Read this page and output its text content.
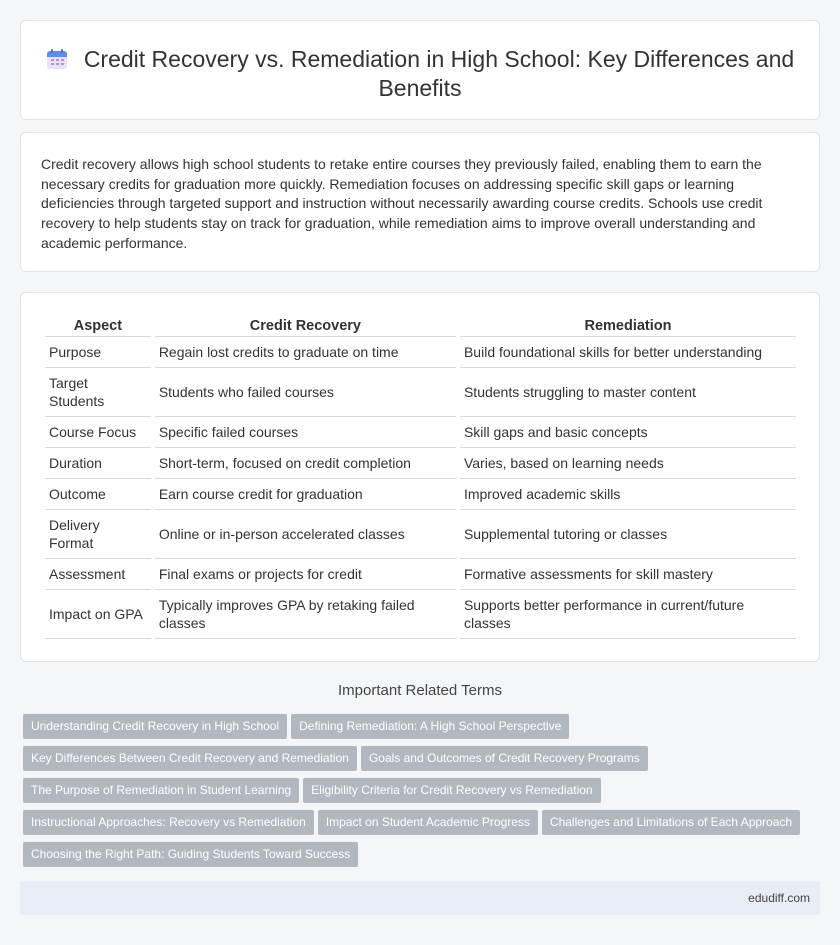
Credit Recovery vs. Remediation in High School: Key Differences and Benefits

Credit recovery allows high school students to retake entire courses they previously failed, enabling them to earn the necessary credits for graduation more quickly. Remediation focuses on addressing specific skill gaps or learning deficiencies through targeted support and instruction without necessarily awarding course credits. Schools use credit recovery to help students stay on track for graduation, while remediation aims to improve overall understanding and academic performance.

Aspect	Credit Recovery	Remediation
Purpose	Regain lost credits to graduate on time	Build foundational skills for better understanding
Target Students	Students who failed courses	Students struggling to master content
Course Focus	Specific failed courses	Skill gaps and basic concepts
Duration	Short-term, focused on credit completion	Varies, based on learning needs
Outcome	Earn course credit for graduation	Improved academic skills
Delivery Format	Online or in-person accelerated classes	Supplemental tutoring or classes
Assessment	Final exams or projects for credit	Formative assessments for skill mastery
Impact on GPA	Typically improves GPA by retaking failed classes	Supports better performance in current/future classes
Important Related Terms
Understanding Credit Recovery in High School Defining Remediation: A High School Perspective
Key Differences Between Credit Recovery and Remediation Goals and Outcomes of Credit Recovery Programs
The Purpose of Remediation in Student Learning Eligibility Criteria for Credit Recovery vs Remediation
Instructional Approaches: Recovery vs Remediation Impact on Student Academic Progress Challenges and Limitations of Each Approach
Choosing the Right Path: Guiding Students Toward Success
edudiff.com
